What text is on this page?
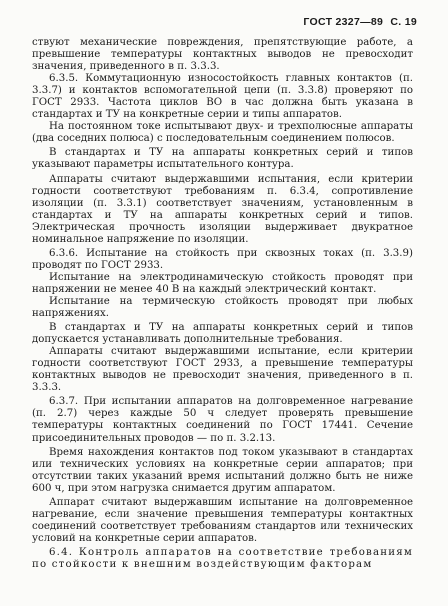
ГОСТ 2327—89 С. 19

ствуют механические повреждения, препятствующие работе, а превышение температуры контактных выводов не превосходит значения, приведенного в п. 3.3.3.

6.3.5. Коммутационную износостойкость главных контактов (п. 3.3.7) и контактов вспомогательной цепи (п. 3.3.8) проверяют по ГОСТ 2933. Частота циклов ВО в час должна быть указана в стандартах и ТУ на конкретные серии и типы аппаратов.

На постоянном токе испытывают двух- и трехполюсные аппараты (два соседних полюса) с последовательным соединением полюсов.

В стандартах и ТУ на аппараты конкретных серий и типов указывают параметры испытательного контура.

Аппараты считают выдержавшими испытания, если критерии годности соответствуют требованиям п. 6.3.4, сопротивление изоляции (п. 3.3.1) соответствует значениям, установленным в стандартах и ТУ на аппараты конкретных серий и типов. Электрическая прочность изоляции выдерживает двукратное номинальное напряжение по изоляции.

6.3.6. Испытание на стойкость при сквозных токах (п. 3.3.9) проводят по ГОСТ 2933.

Испытание на электродинамическую стойкость проводят при напряжении не менее 40 В на каждый электрический контакт.

Испытание на термическую стойкость проводят при любых напряжениях.

В стандартах и ТУ на аппараты конкретных серий и типов допускается устанавливать дополнительные требования.

Аппараты считают выдержавшими испытание, если критерии годности соответствуют ГОСТ 2933, а превышение температуры контактных выводов не превосходит значения, приведенного в п. 3.3.3.

6.3.7. При испытании аппаратов на долговременное нагревание (п. 2.7) через каждые 50 ч следует проверять превышение температуры контактных соединений по ГОСТ 17441. Сечение присоединительных проводов — по п. 3.2.13.

Время нахождения контактов под током указывают в стандартах или технических условиях на конкретные серии аппаратов; при отсутствии таких указаний время испытаний должно быть не ниже 600 ч, при этом нагрузка снимается другим аппаратом.

Аппарат считают выдержавшим испытание на долговременное нагревание, если значение превышения температуры контактных соединений соответствует требованиям стандартов или технических условий на конкретные серии аппаратов.

6.4. Контроль аппаратов на соответствие требованиям по стойкости к внешним воздействующим факторам
